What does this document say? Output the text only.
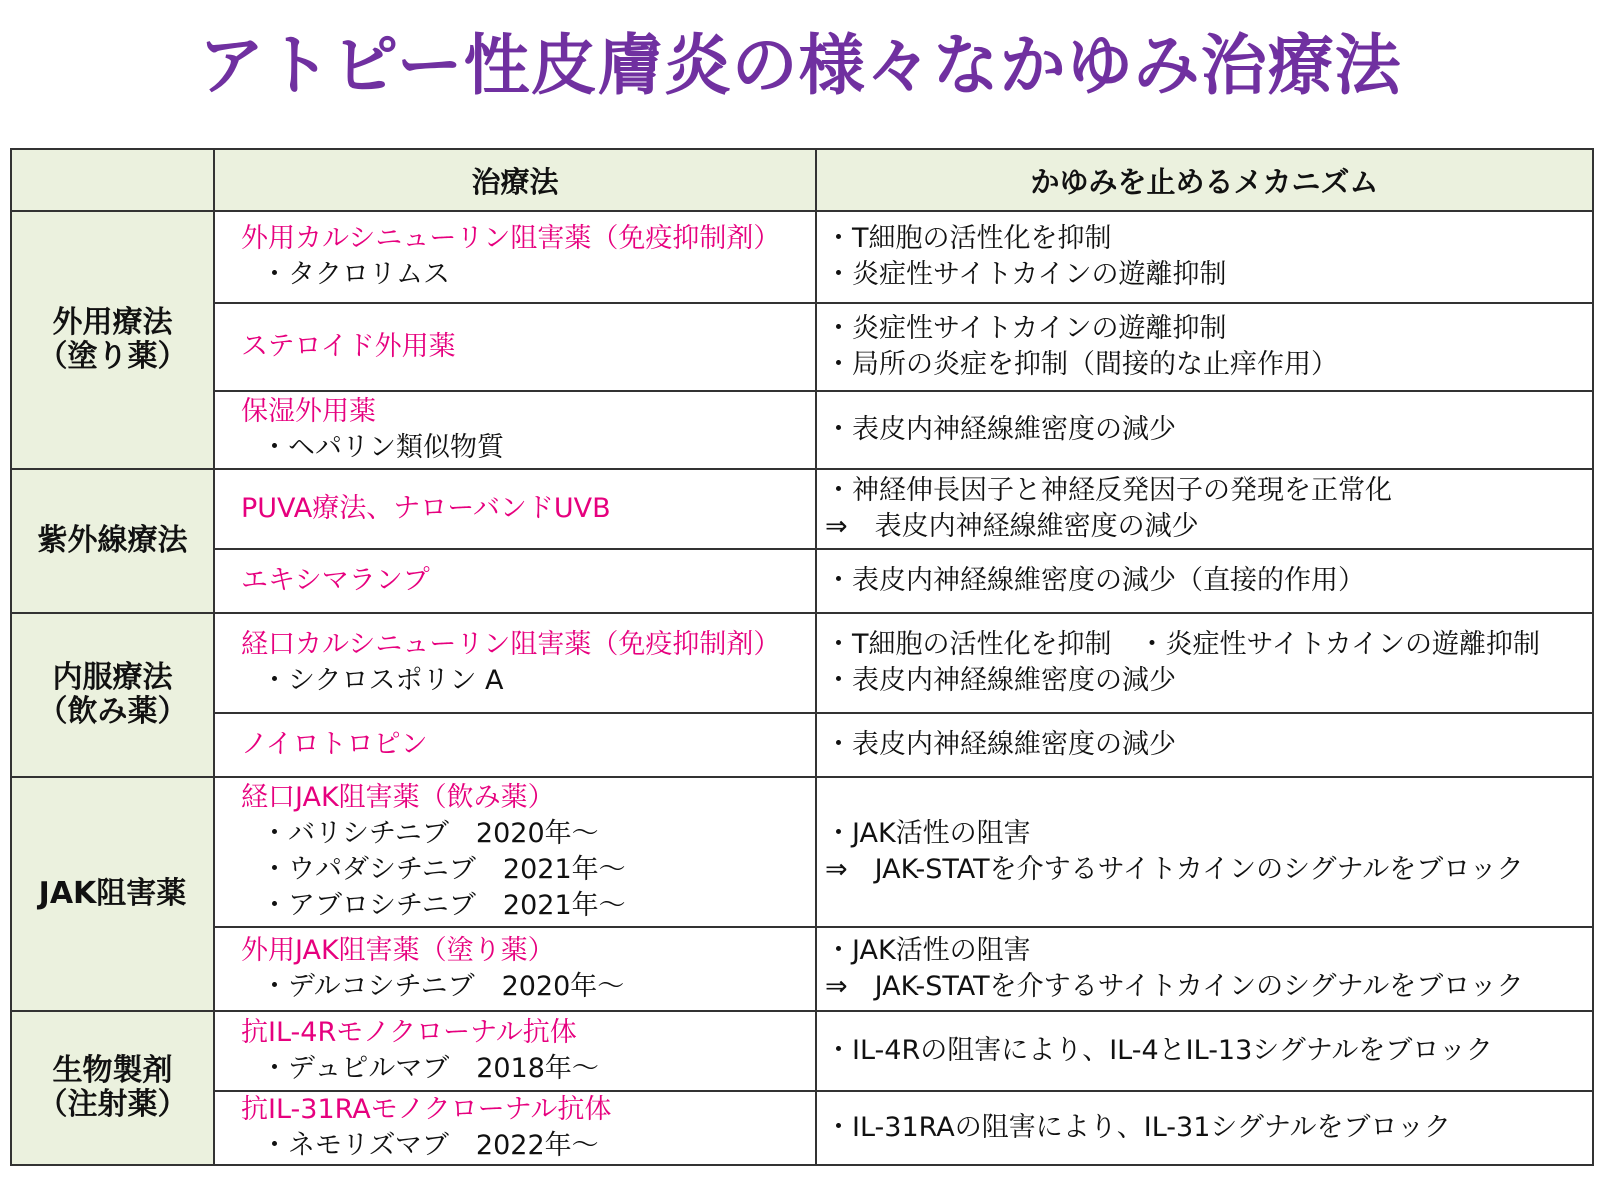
アトピー性皮膚炎の様々なかゆみ治療法
	治療法	かゆみを止めるメカニズム

外用療法
（塗り薬）	外用カルシニューリン阻害薬（免疫抑制剤）
・タクロリムス	・T細胞の活性化を抑制
・炎症性サイトカインの遊離抑制

	ステロイド外用薬	・炎症性サイトカインの遊離抑制
・局所の炎症を抑制（間接的な止痒作用）

	保湿外用薬
・ヘパリン類似物質	・表皮内神経線維密度の減少

紫外線療法	PUVA療法、ナローバンドUVB	・神経伸長因子と神経反発因子の発現を正常化
⇒　表皮内神経線維密度の減少

	エキシマランプ	・表皮内神経線維密度の減少（直接的作用）

内服療法
（飲み薬）	経口カルシニューリン阻害薬（免疫抑制剤）
・シクロスポリン A	・T細胞の活性化を抑制　・炎症性サイトカインの遊離抑制
・表皮内神経線維密度の減少

	ノイロトロピン	・表皮内神経線維密度の減少

JAK阻害薬	経口JAK阻害薬（飲み薬）
・バリシチニブ　2020年～
・ウパダシチニブ　2021年～
・アブロシチニブ　2021年～	・JAK活性の阻害
⇒　JAK-STATを介するサイトカインのシグナルをブロック

	外用JAK阻害薬（塗り薬）
・デルコシチニブ　2020年～	・JAK活性の阻害
⇒　JAK-STATを介するサイトカインのシグナルをブロック

生物製剤
（注射薬）	抗IL-4Rモノクローナル抗体
・デュピルマブ　2018年～	・IL-4Rの阻害により、IL-4とIL-13シグナルをブロック

	抗IL-31RAモノクローナル抗体
・ネモリズマブ　2022年～	・IL-31RAの阻害により、IL-31シグナルをブロック
